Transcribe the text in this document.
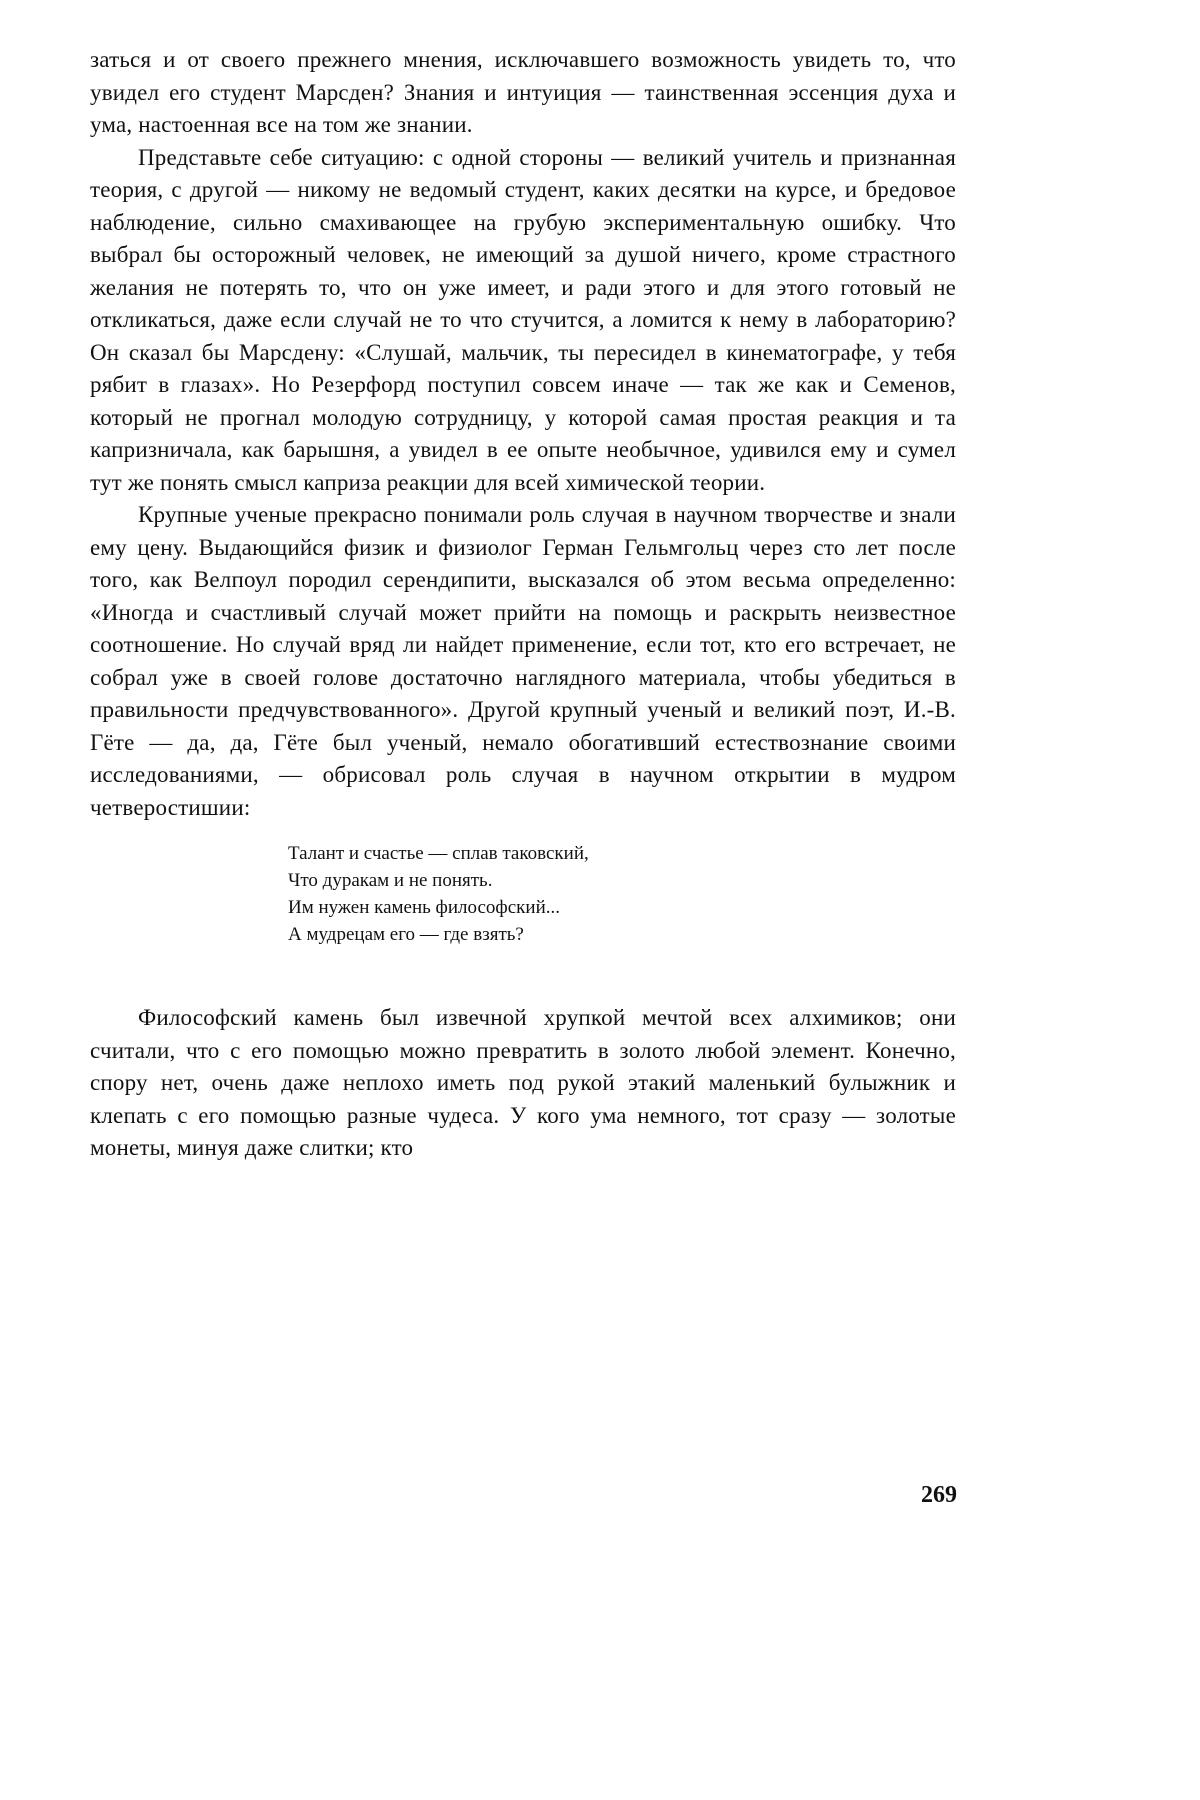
заться и от своего прежнего мнения, исключавшего возможность увидеть то, что увидел его студент Марсден? Знания и интуиция — таинственная эссенция духа и ума, настоенная все на том же знании.

Представьте себе ситуацию: с одной стороны — великий учитель и признанная теория, с другой — никому не ведомый студент, каких десятки на курсе, и бредовое наблюдение, сильно смахивающее на грубую экспериментальную ошибку. Что выбрал бы осторожный человек, не имеющий за душой ничего, кроме страстного желания не потерять то, что он уже имеет, и ради этого и для этого готовый не откликаться, даже если случай не то что стучится, а ломится к нему в лабораторию? Он сказал бы Марсдену: «Слушай, мальчик, ты пересидел в кинематографе, у тебя рябит в глазах». Но Резерфорд поступил совсем иначе — так же как и Семенов, который не прогнал молодую сотрудницу, у которой самая простая реакция и та капризничала, как барышня, а увидел в ее опыте необычное, удивился ему и сумел тут же понять смысл каприза реакции для всей химической теории.

Крупные ученые прекрасно понимали роль случая в научном творчестве и знали ему цену. Выдающийся физик и физиолог Герман Гельмгольц через сто лет после того, как Велпоул породил серендипити, высказался об этом весьма определенно: «Иногда и счастливый случай может прийти на помощь и раскрыть неизвестное соотношение. Но случай вряд ли найдет применение, если тот, кто его встречает, не собрал уже в своей голове достаточно наглядного материала, чтобы убедиться в правильности предчувствованного». Другой крупный ученый и великий поэт, И.-В. Гёте — да, да, Гёте был ученый, немало обогативший естествознание своими исследованиями, — обрисовал роль случая в научном открытии в мудром четверостишии:

Талант и счастье — сплав таковский,
Что дуракам и не понять.
Им нужен камень философский...
А мудрецам его — где взять?

Философский камень был извечной хрупкой мечтой всех алхимиков; они считали, что с его помощью можно превратить в золото любой элемент. Конечно, спору нет, очень даже неплохо иметь под рукой этакий маленький булыжник и клепать с его помощью разные чудеса. У кого ума немного, тот сразу — золотые монеты, минуя даже слитки; кто

269
